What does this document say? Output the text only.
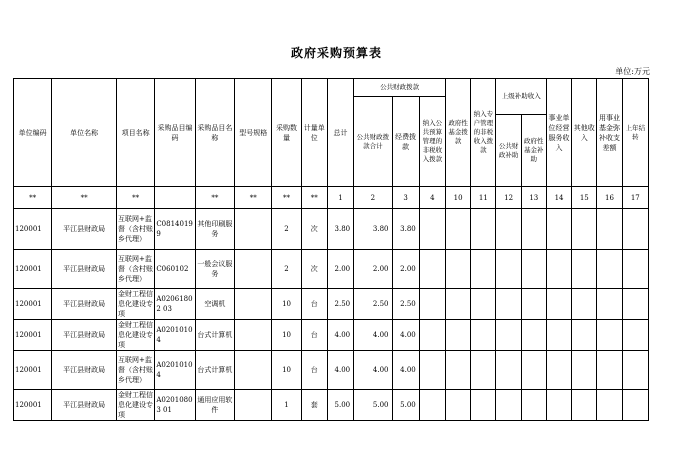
政府采购预算表
单位:万元
单位编码	单位名称	项目名称	采购品目编码	采购品目名称	型号规格	采购数量	计量单位	总计	公共财政拨款			政府性基金拨款	纳入专户管理的非税收入拨款	上级补助收入		事业单位经营服务收入	其他收入	用事业基金弥补收支差额	上年结转
									公共财政拨款合计	经费拨款	纳入公共预算管理的非税收入拨款								
														公共财政补助	政府性基金补助				
**	**	**		**	**	**	**	1	2	3	4	10	11	12	13	14	15	16	17
120001	平江县财政局	互联网+监督（含村账乡代理）	C08140199	其他印刷服务		2	次	3.80	3.80	3.80									
120001	平江县财政局	互联网+监督（含村账乡代理）	C060102	一般会议服务		2	次	2.00	2.00	2.00									
120001	平江县财政局	金财工程信息化建设专项	A02061802 03	空调机		10	台	2.50	2.50	2.50									
120001	平江县财政局	金财工程信息化建设专项	A02010104	台式计算机		10	台	4.00	4.00	4.00									
120001	平江县财政局	互联网+监督（含村账乡代理）	A02010104	台式计算机		10	台	4.00	4.00	4.00									
120001	平江县财政局	金财工程信息化建设专项	A02010803 01	通用应用软件		1	套	5.00	5.00	5.00									
